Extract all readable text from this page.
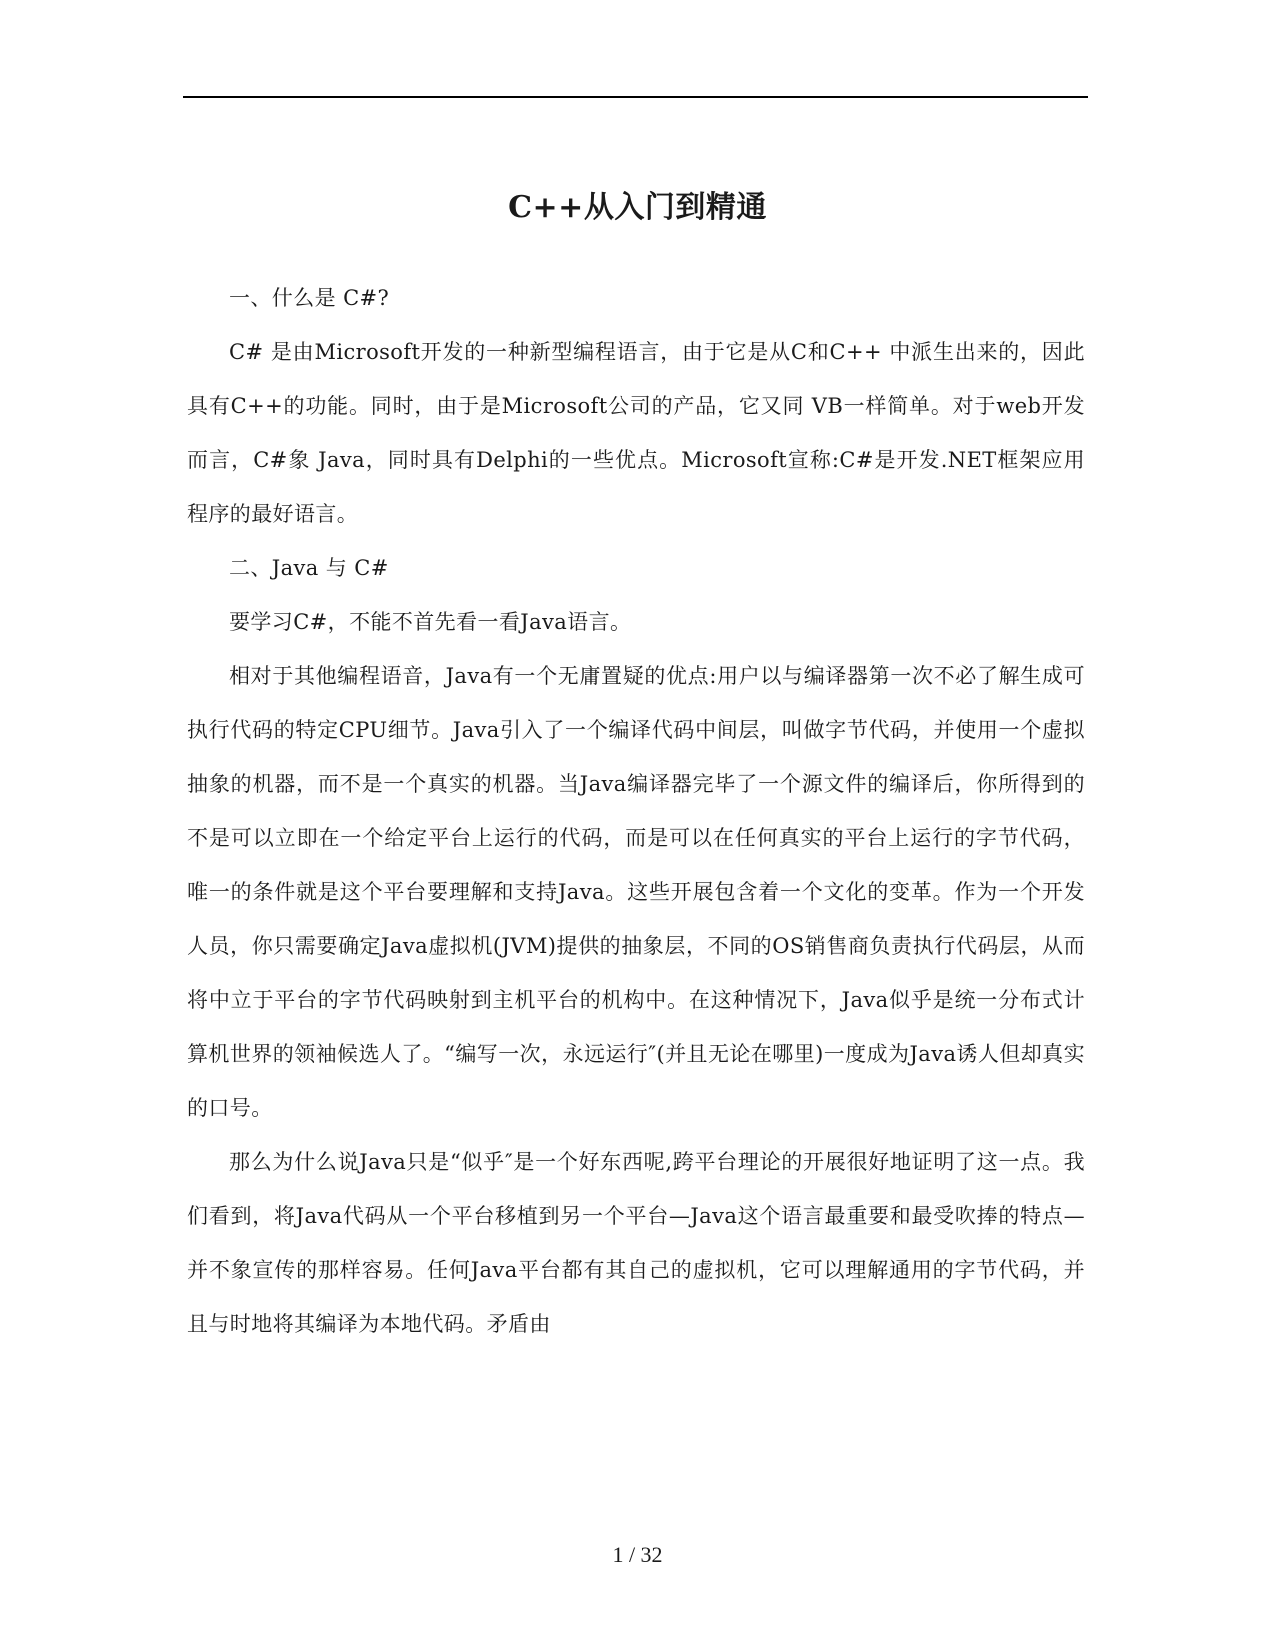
C++从入门到精通

一、什么是 C#?

C# 是由Microsoft开发的一种新型编程语言，由于它是从C和C++ 中派生出来的，因此具有C++的功能。同时，由于是Microsoft公司的产品，它又同 VB一样简单。对于web开发而言，C#象 Java，同时具有Delphi的一些优点。Microsoft宣称:C#是开发.NET框架应用程序的最好语言。

二、Java 与 C#

要学习C#，不能不首先看一看Java语言。

相对于其他编程语音，Java有一个无庸置疑的优点:用户以与编译器第一次不必了解生成可执行代码的特定CPU细节。Java引入了一个编译代码中间层，叫做字节代码，并使用一个虚拟抽象的机器，而不是一个真实的机器。当Java编译器完毕了一个源文件的编译后，你所得到的不是可以立即在一个给定平台上运行的代码，而是可以在任何真实的平台上运行的字节代码，唯一的条件就是这个平台要理解和支持Java。这些开展包含着一个文化的变革。作为一个开发人员，你只需要确定Java虚拟机(JVM)提供的抽象层，不同的OS销售商负责执行代码层，从而将中立于平台的字节代码映射到主机平台的机构中。在这种情况下，Java似乎是统一分布式计算机世界的领袖候选人了。“编写一次，永远运行″(并且无论在哪里)一度成为Java诱人但却真实的口号。

那么为什么说Java只是“似乎″是一个好东西呢,跨平台理论的开展很好地证明了这一点。我们看到，将Java代码从一个平台移植到另一个平台—Java这个语言最重要和最受吹捧的特点—并不象宣传的那样容易。任何Java平台都有其自己的虚拟机，它可以理解通用的字节代码，并且与时地将其编译为本地代码。矛盾由

1 / 32
